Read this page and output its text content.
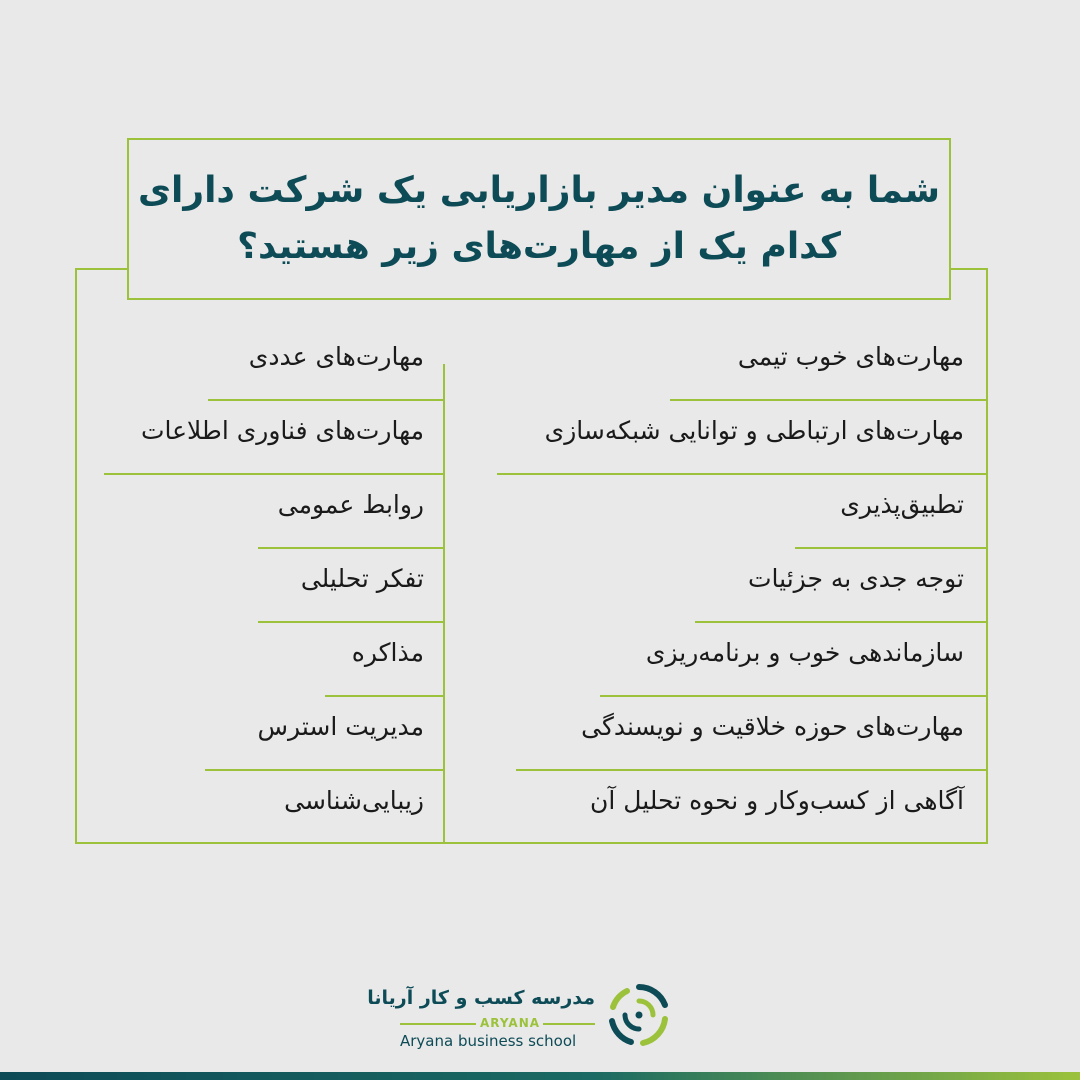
شما به عنوان مدیر بازاریابی یک شرکت دارای
کدام یک از مهارت‌های زیر هستید؟
مهارت‌های خوب تیمی
مهارت‌های ارتباطی و توانایی شبکه‌سازی
تطبیق‌پذیری
توجه جدی به جزئیات
سازماندهی خوب و برنامه‌ریزی
مهارت‌های حوزه خلاقیت و نویسندگی
آگاهی از کسب‌وکار و نحوه تحلیل آن
مهارت‌های عددی
مهارت‌های فناوری اطلاعات
روابط عمومی
تفکر تحلیلی
مذاکره
مدیریت استرس
زیبایی‌شناسی
مدرسه کسب و کار آریانا
ARYANA
Aryana business school
